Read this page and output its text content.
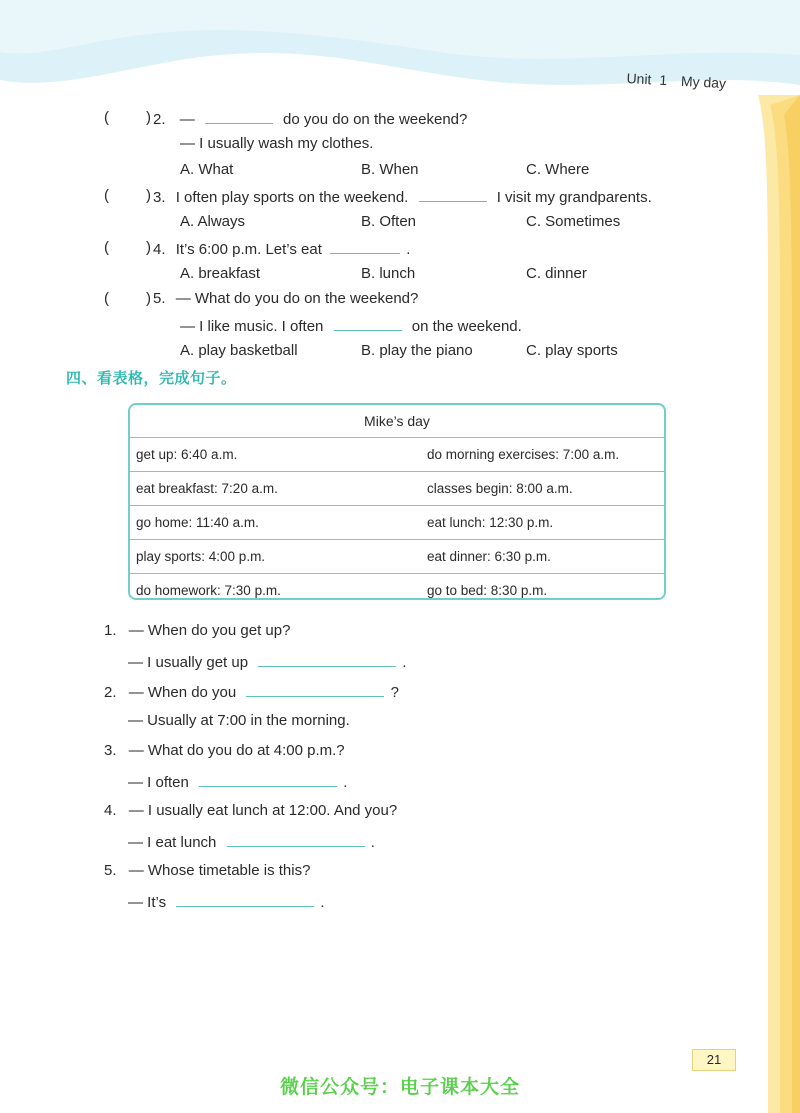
Unit 1 My day
( ) 2. —	do you do on the weekend?
— I usually wash my clothes.
A. What	B. When	C. Where
( ) 3. I often play sports on the weekend.	I visit my grandparents.
A. Always	B. Often	C. Sometimes
( ) 4. It’s 6:00 p.m. Let’s eat	.
A. breakfast	B. lunch	C. dinner
( ) 5. — What do you do on the weekend?
— I like music. I often	on the weekend.
A. play basketball	B. play the piano	C. play sports
四、看表格，完成句子。
Mike’s day
get up: 6:40 a.m.	do morning exercises: 7:00 a.m.
eat breakfast: 7:20 a.m.	classes begin: 8:00 a.m.
go home: 11:40 a.m.	eat lunch: 12:30 p.m.
play sports: 4:00 p.m.	eat dinner: 6:30 p.m.
do homework: 7:30 p.m.	go to bed: 8:30 p.m.
1. — When do you get up?
— I usually get up	.
2. — When do you	?
— Usually at 7:00 in the morning.
3. — What do you do at 4:00 p.m.?
— I often	.
4. — I usually eat lunch at 12:00. And you?
— I eat lunch	.
5. — Whose timetable is this?
— It’s	.
21
微信公众号：电子课本大全
